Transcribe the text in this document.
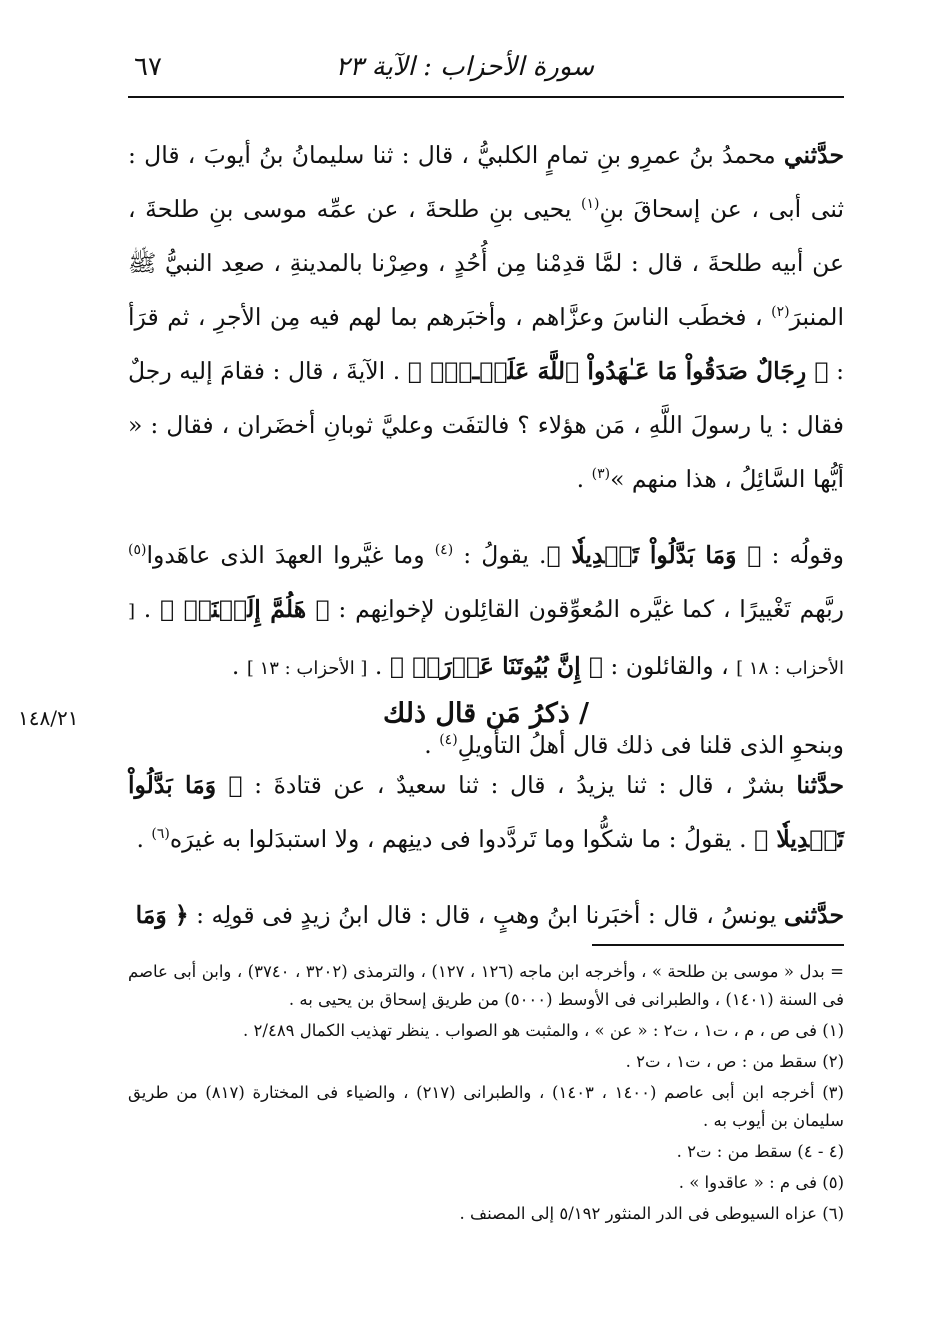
سورة الأحزاب : الآية ٢٣
٦٧

حدَّثني محمدُ بنُ عمرِو بنِ تمامٍ الكلبيُّ ، قال : ثنا سليمانُ بنُ أيوبَ ، قال : ثنى أبى ، عن إسحاقَ بنِ$^{(١)}$ يحيى بنِ طلحةَ ، عن عمِّه موسى بنِ طلحةَ ، عن أبيه طلحةَ ، قال : لمَّا قدِمْنا مِن أُحُدٍ ، وصِرْنا بالمدينةِ ، صعِد النبيُّ ﷺ المنبرَ$^{(٢)}$ ، فخطَب الناسَ وعزَّاهم ، وأخبَرهم بما لهم فيه مِن الأجرِ ، ثم قرَأ : ﴿ رِجَالٌ صَدَقُواْ مَا عَـٰهَدُواْ ٱللَّهَ عَلَيۡـهِۖ ﴾ . الآيةَ ، قال : فقامَ إليه رجلٌ فقال : يا رسولَ اللَّهِ ، مَن هؤلاء ؟ فالتفَت وعليَّ ثوبانِ أخضَران ، فقال : « أيُّها السَّائِلُ ، هذا منهم »$^{(٣)}$ .

وقولُه : ﴿ وَمَا بَدَّلُواْ تَبۡدِيلٗا ﴾. يقولُ : $^{(٤)}$ وما غيَّروا العهدَ الذى عاهَدوا$^{(٥)}$ ربَّهم تَغْييرًا ، كما غيَّره المُعوِّقون القائِلون لإخوانِهم : ﴿ هَلُمَّ إِلَيۡنَاۖ ﴾ . [ الأحزاب : ١٨ ] ، والقائلون : ﴿ إِنَّ بُيُوتَنَا عَوۡرَةٞ ﴾ . [ الأحزاب : ١٣ ] .

وبنحوِ الذى قلنا فى ذلك قال أهلُ التأويلِ$^{(٤)}$ .

١٤٨/٢١	/ ذكرُ مَن قال ذلك

حدَّثنا بشرٌ ، قال : ثنا يزيدُ ، قال : ثنا سعيدٌ ، عن قتادةَ : ﴿ وَمَا بَدَّلُواْ تَبۡدِيلٗا ﴾ . يقولُ : ما شكُّوا وما تَردَّدوا فى دينِهم ، ولا استبدَلوا به غيرَه$^{(٦)}$ .

حدَّثنى يونسُ ، قال : أخبَرنا ابنُ وهبٍ ، قال : قال ابنُ زيدٍ فى قولِه : ﴿ وَمَا

= بدل « موسى بن طلحة » ، وأخرجه ابن ماجه (١٢٦ ، ١٢٧) ، والترمذى (٣٢٠٢ ، ٣٧٤٠) ، وابن أبى عاصم فى السنة (١٤٠١) ، والطبرانى فى الأوسط (٥٠٠٠) من طريق إسحاق بن يحيى به .

(١) فى ص ، م ، ت١ ، ت٢ : « عن » ، والمثبت هو الصواب . ينظر تهذيب الكمال ٢/٤٨٩ .

(٢) سقط من : ص ، ت١ ، ت٢ .

(٣) أخرجه ابن أبى عاصم (١٤٠٠ ، ١٤٠٣) ، والطبرانى (٢١٧) ، والضياء فى المختارة (٨١٧) من طريق سليمان بن أيوب به .

(٤ - ٤) سقط من : ت٢ .

(٥) فى م : « عاقدوا » .

(٦) عزاه السيوطى فى الدر المنثور ٥/١٩٢ إلى المصنف .
